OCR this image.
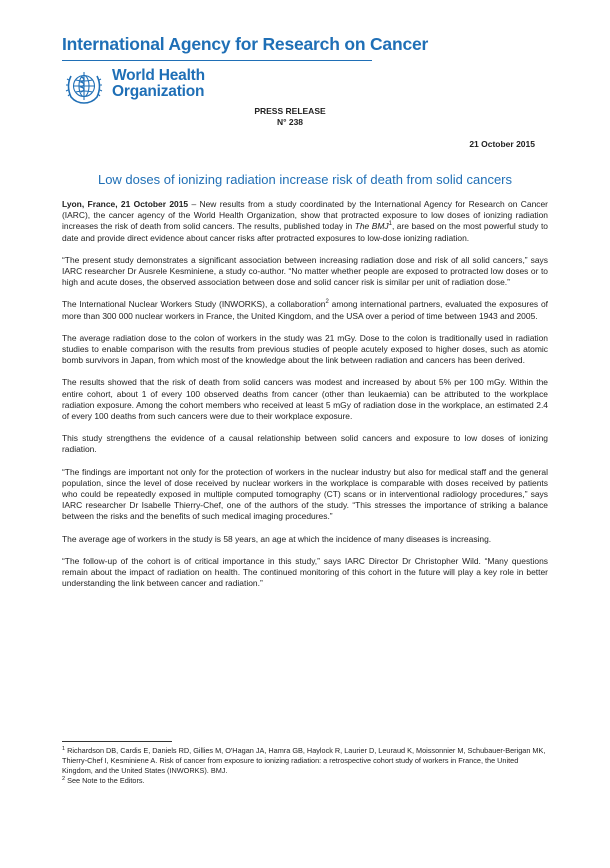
International Agency for Research on Cancer
World Health
Organization
PRESS RELEASE
N° 238
21 October 2015
Low doses of ionizing radiation increase risk of death from solid cancers

Lyon, France, 21 October 2015 – New results from a study coordinated by the International Agency for Research on Cancer (IARC), the cancer agency of the World Health Organization, show that protracted exposure to low doses of ionizing radiation increases the risk of death from solid cancers. The results, published today in The BMJ$^1$, are based on the most powerful study to date and provide direct evidence about cancer risks after protracted exposures to low-dose ionizing radiation.

“The present study demonstrates a significant association between increasing radiation dose and risk of all solid cancers,” says IARC researcher Dr Ausrele Kesminiene, a study co-author. “No matter whether people are exposed to protracted low doses or to high and acute doses, the observed association between dose and solid cancer risk is similar per unit of radiation dose.”

The International Nuclear Workers Study (INWORKS), a collaboration$^2$ among international partners, evaluated the exposures of more than 300 000 nuclear workers in France, the United Kingdom, and the USA over a period of time between 1943 and 2005.

The average radiation dose to the colon of workers in the study was 21 mGy. Dose to the colon is traditionally used in radiation studies to enable comparison with the results from previous studies of people acutely exposed to higher doses, such as atomic bomb survivors in Japan, from which most of the knowledge about the link between radiation and cancers has been derived.

The results showed that the risk of death from solid cancers was modest and increased by about 5% per 100 mGy. Within the entire cohort, about 1 of every 100 observed deaths from cancer (other than leukaemia) can be attributed to the workplace radiation exposure. Among the cohort members who received at least 5 mGy of radiation dose in the workplace, an estimated 2.4 of every 100 deaths from such cancers were due to their workplace exposure.

This study strengthens the evidence of a causal relationship between solid cancers and exposure to low doses of ionizing radiation.

“The findings are important not only for the protection of workers in the nuclear industry but also for medical staff and the general population, since the level of dose received by nuclear workers in the workplace is comparable with doses received by patients who could be repeatedly exposed in multiple computed tomography (CT) scans or in interventional radiology procedures,” says IARC researcher Dr Isabelle Thierry-Chef, one of the authors of the study. “This stresses the importance of striking a balance between the risks and the benefits of such medical imaging procedures.”

The average age of workers in the study is 58 years, an age at which the incidence of many diseases is increasing.

“The follow-up of the cohort is of critical importance in this study,” says IARC Director Dr Christopher Wild. “Many questions remain about the impact of radiation on health. The continued monitoring of this cohort in the future will play a key role in better understanding the link between cancer and radiation.”

$^1$ Richardson DB, Cardis E, Daniels RD, Gillies M, O'Hagan JA, Hamra GB, Haylock R, Laurier D, Leuraud K, Moissonnier M, Schubauer-Berigan MK, Thierry-Chef I, Kesminiene A. Risk of cancer from exposure to ionizing radiation: a retrospective cohort study of workers in France, the United Kingdom, and the United States (INWORKS). BMJ.

$^2$ See Note to the Editors.
